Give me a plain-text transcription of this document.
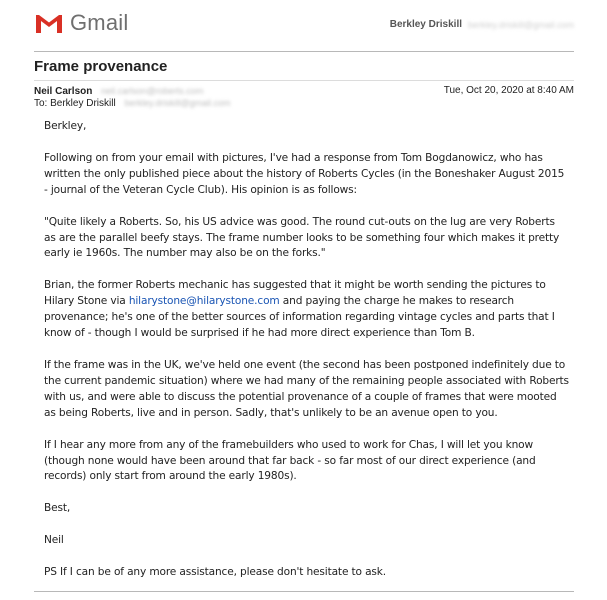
Gmail	Berkley Driskill berkley.driskill@gmail.com
Frame provenance
Neil Carlson neil.carlson@roberts.com	Tue, Oct 20, 2020 at 8:40 AM
To: Berkley Driskill berkley.driskill@gmail.com

Berkley,

Following on from your email with pictures, I've had a response from Tom Bogdanowicz, who has written the only published piece about the history of Roberts Cycles (in the Boneshaker August 2015 - journal of the Veteran Cycle Club). His opinion is as follows:

"Quite likely a Roberts. So, his US advice was good. The round cut-outs on the lug are very Roberts as are the parallel beefy stays. The frame number looks to be something four which makes it pretty early ie 1960s. The number may also be on the forks."

Brian, the former Roberts mechanic has suggested that it might be worth sending the pictures to Hilary Stone via hilarystone@hilarystone.com and paying the charge he makes to research provenance; he's one of the better sources of information regarding vintage cycles and parts that I know of - though I would be surprised if he had more direct experience than Tom B.

If the frame was in the UK, we've held one event (the second has been postponed indefinitely due to the current pandemic situation) where we had many of the remaining people associated with Roberts with us, and were able to discuss the potential provenance of a couple of frames that were mooted as being Roberts, live and in person. Sadly, that's unlikely to be an avenue open to you.

If I hear any more from any of the framebuilders who used to work for Chas, I will let you know (though none would have been around that far back - so far most of our direct experience (and records) only start from around the early 1980s).

Best,

Neil

PS If I can be of any more assistance, please don't hesitate to ask.
